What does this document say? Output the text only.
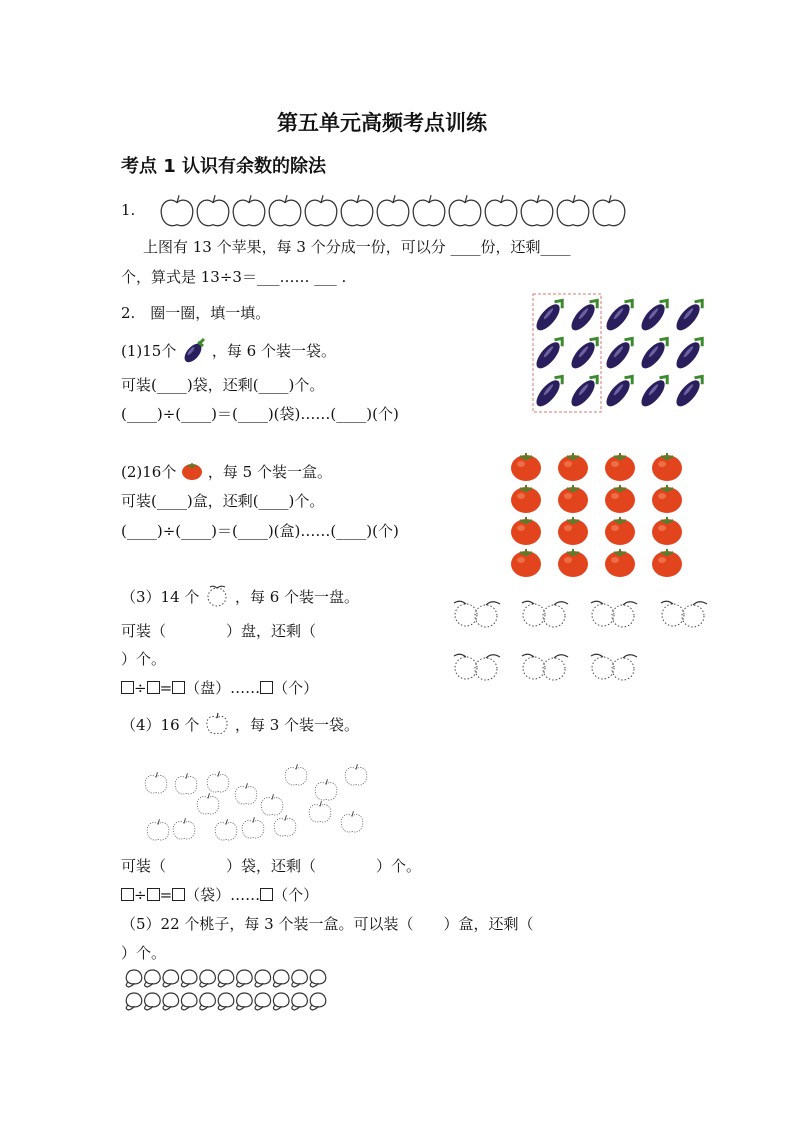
第五单元高频考点训练
考点 1 认识有余数的除法
1.
上图有 13 个苹果，每 3 个分成一份，可以分 ____份，还剩____
个，算式是 13÷3＝___…… ___ .
2.　圈一圈，填一填。
(1)15个 ，每 6 个装一袋。
可装(____)袋，还剩(____)个。
(____)÷(____)＝(____)(袋)……(____)(个)
(2)16个 ，每 5 个装一盒。
可装(____)盒，还剩(____)个。
(____)÷(____)＝(____)(盒)……(____)(个)
（3）14 个 ，每 6 个装一盘。
可装（　　　　）盘，还剩（
）个。
÷ = （盘）…… （个）
（4）16 个 ，每 3 个装一袋。
可装（　　　　）袋，还剩（　　　　）个。
÷ = （袋）…… （个）
（5）22 个桃子，每 3 个装一盒。可以装（　　）盒，还剩（
）个。
